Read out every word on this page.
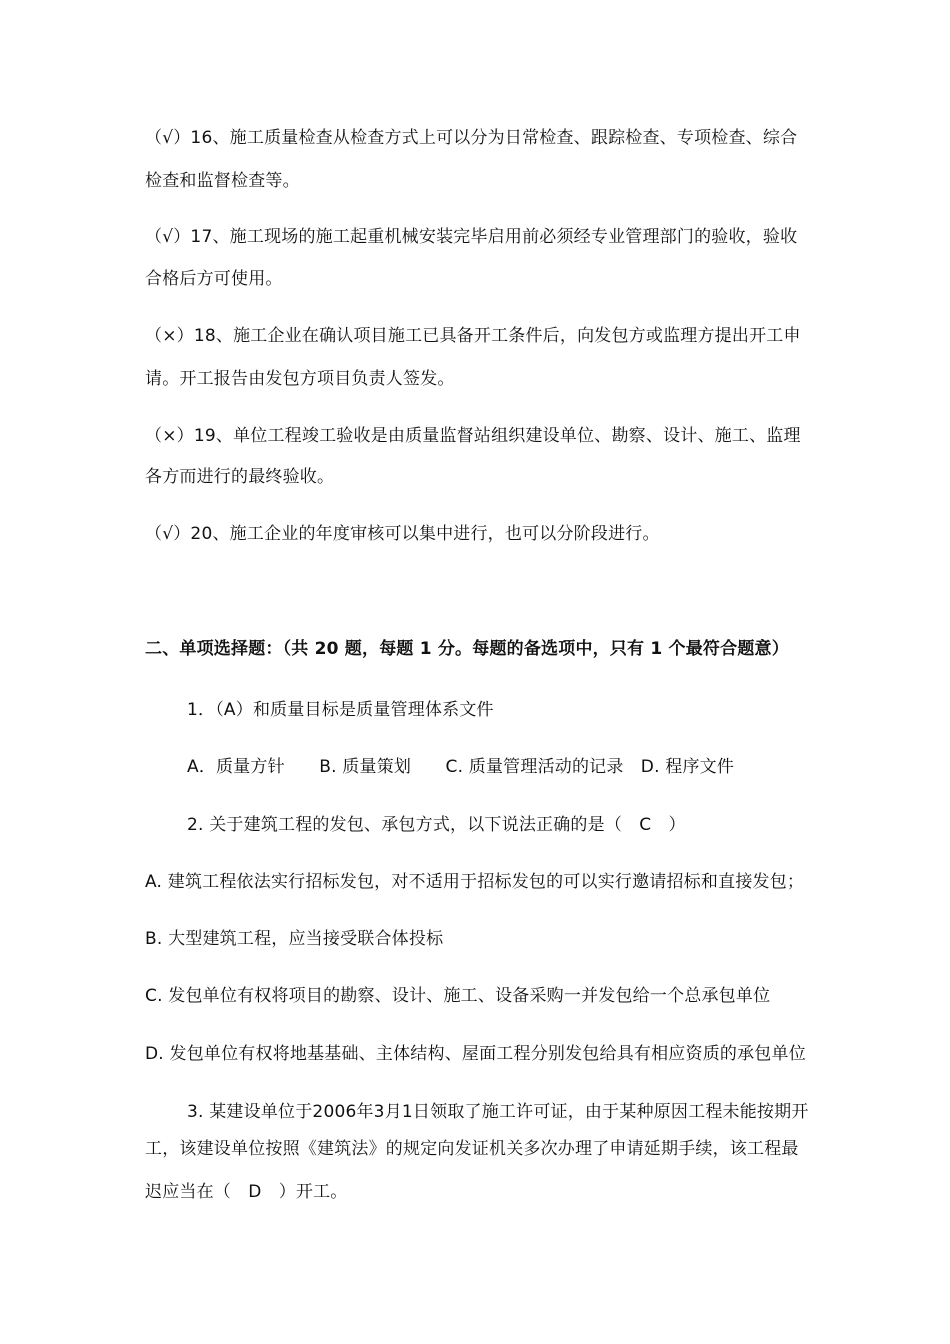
（√）16、施工质量检查从检查方式上可以分为日常检查、跟踪检查、专项检查、综合
检查和监督检查等。
（√）17、施工现场的施工起重机械安装完毕启用前必须经专业管理部门的验收，验收
合格后方可使用。
（×）18、施工企业在确认项目施工已具备开工条件后，向发包方或监理方提出开工申
请。开工报告由发包方项目负责人签发。
（×）19、单位工程竣工验收是由质量监督站组织建设单位、勘察、设计、施工、监理
各方而进行的最终验收。
（√）20、施工企业的年度审核可以集中进行，也可以分阶段进行。
二、单项选择题：（共 20 题，每题 1 分。每题的备选项中，只有 1 个最符合题意）
1．（A）和质量目标是质量管理体系文件
A．质量方针　　B. 质量策划　　C. 质量管理活动的记录　D. 程序文件
2. 关于建筑工程的发包、承包方式，以下说法正确的是（　C　）
A. 建筑工程依法实行招标发包，对不适用于招标发包的可以实行邀请招标和直接发包；
B. 大型建筑工程，应当接受联合体投标
C. 发包单位有权将项目的勘察、设计、施工、设备采购一并发包给一个总承包单位
D. 发包单位有权将地基基础、主体结构、屋面工程分别发包给具有相应资质的承包单位
3. 某建设单位于2006年3月1日领取了施工许可证，由于某种原因工程未能按期开
工，该建设单位按照《建筑法》的规定向发证机关多次办理了申请延期手续，该工程最
迟应当在（　D　）开工。
